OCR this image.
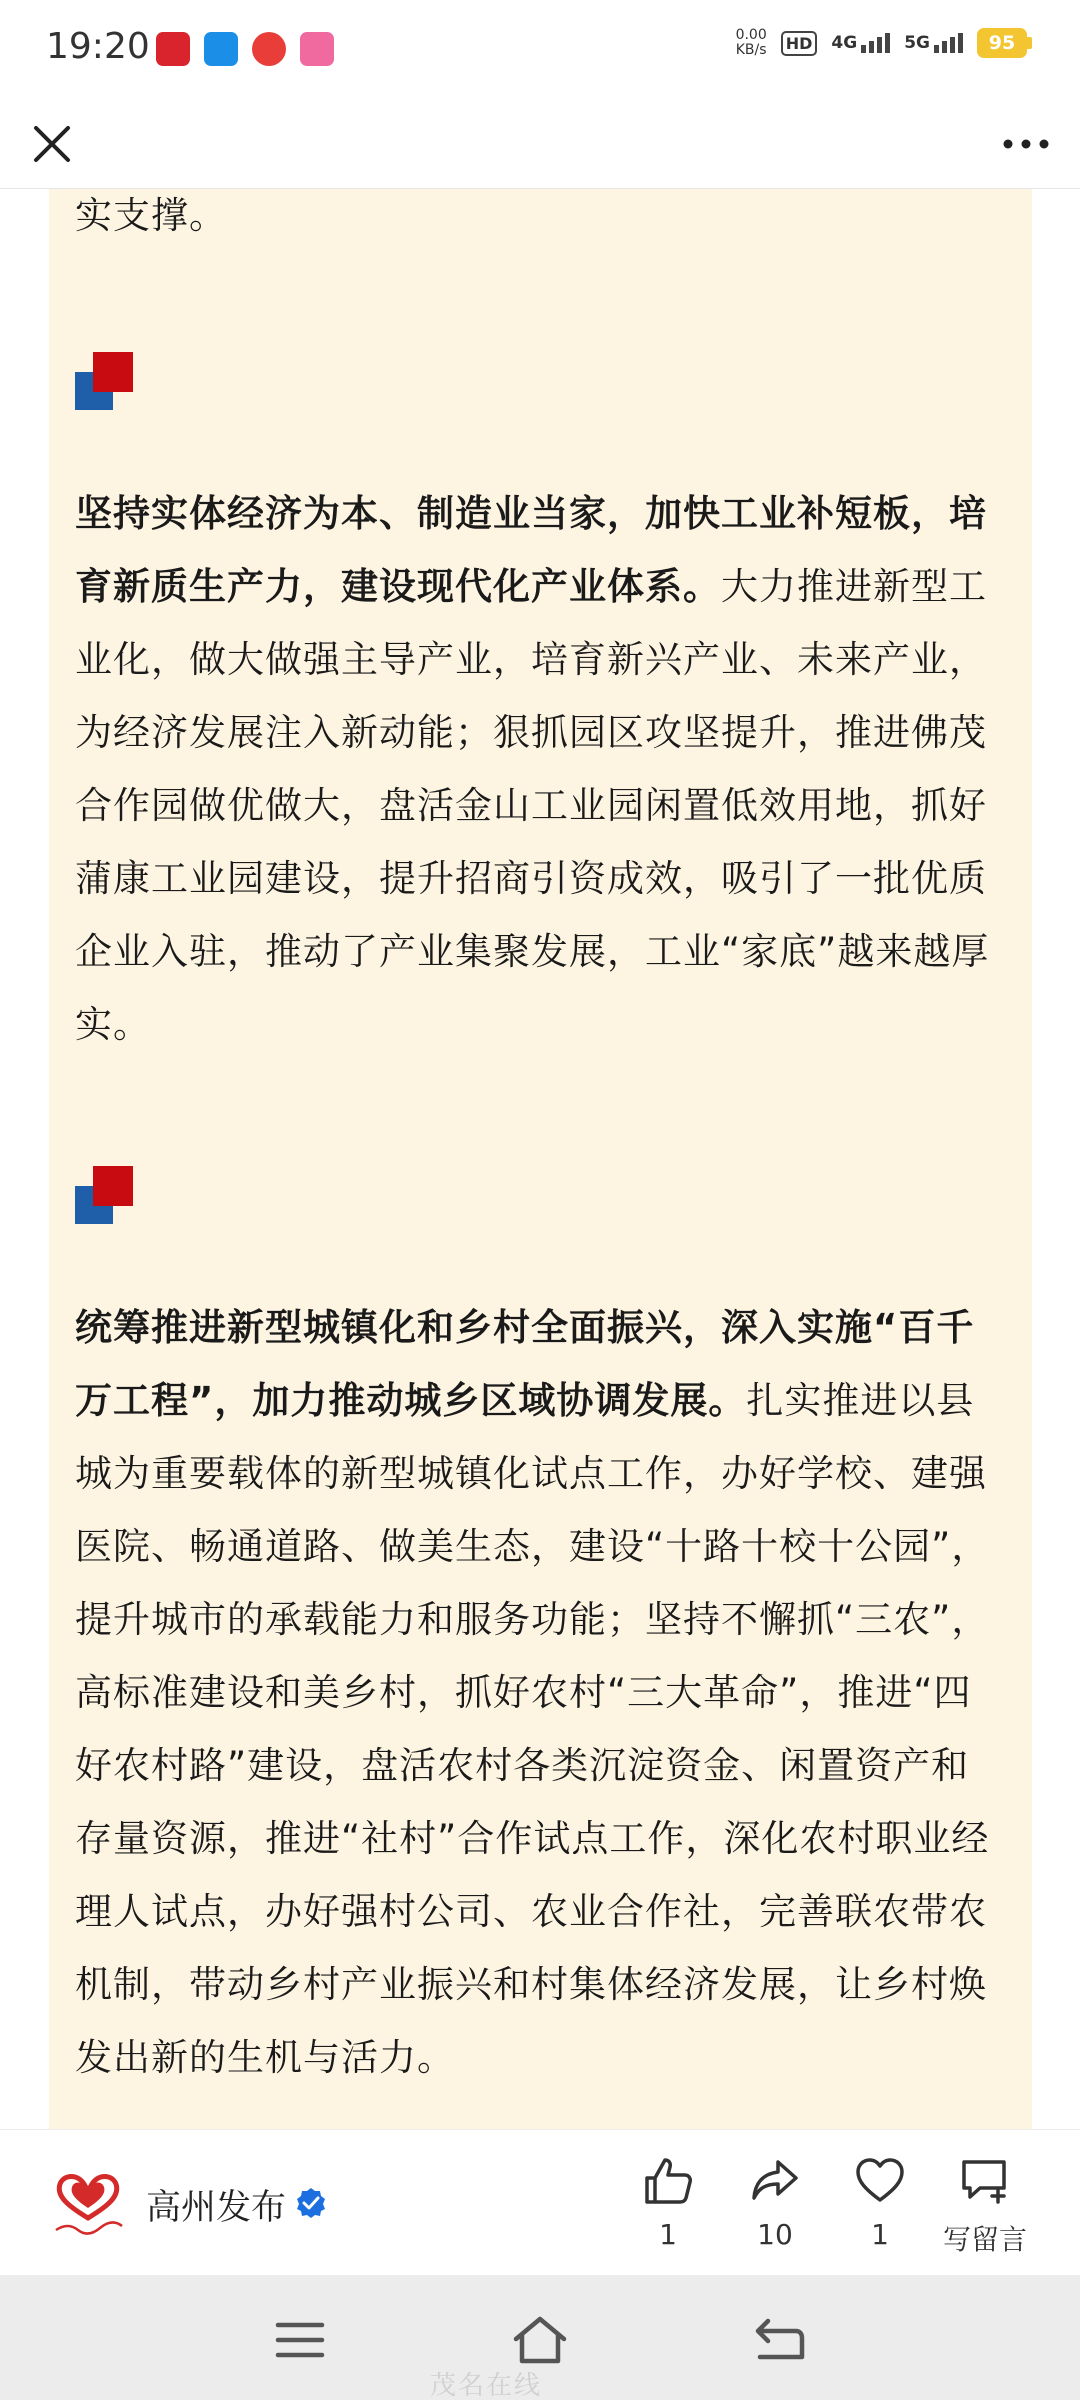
19:20	0.00
KB/s	HD 4G	5G	95

实支撑。

坚持实体经济为本、制造业当家，加快工业补短板，培育新质生产力，建设现代化产业体系。大力推进新型工业化，做大做强主导产业，培育新兴产业、未来产业，为经济发展注入新动能；狠抓园区攻坚提升，推进佛茂合作园做优做大，盘活金山工业园闲置低效用地，抓好蒲康工业园建设，提升招商引资成效，吸引了一批优质企业入驻，推动了产业集聚发展，工业“家底”越来越厚实。

统筹推进新型城镇化和乡村全面振兴，深入实施“百千万工程”，加力推动城乡区域协调发展。扎实推进以县城为重要载体的新型城镇化试点工作，办好学校、建强医院、畅通道路、做美生态，建设“十路十校十公园”，提升城市的承载能力和服务功能；坚持不懈抓“三农”，高标准建设和美乡村，抓好农村“三大革命”，推进“四好农村路”建设，盘活农村各类沉淀资金、闲置资产和存量资源，推进“社村”合作试点工作，深化农村职业经理人试点，办好强村公司、农业合作社，完善联农带农机制，带动乡村产业振兴和村集体经济发展，让乡村焕发出新的生机与活力。

高州发布
1	10	1	写留言
茂名在线
